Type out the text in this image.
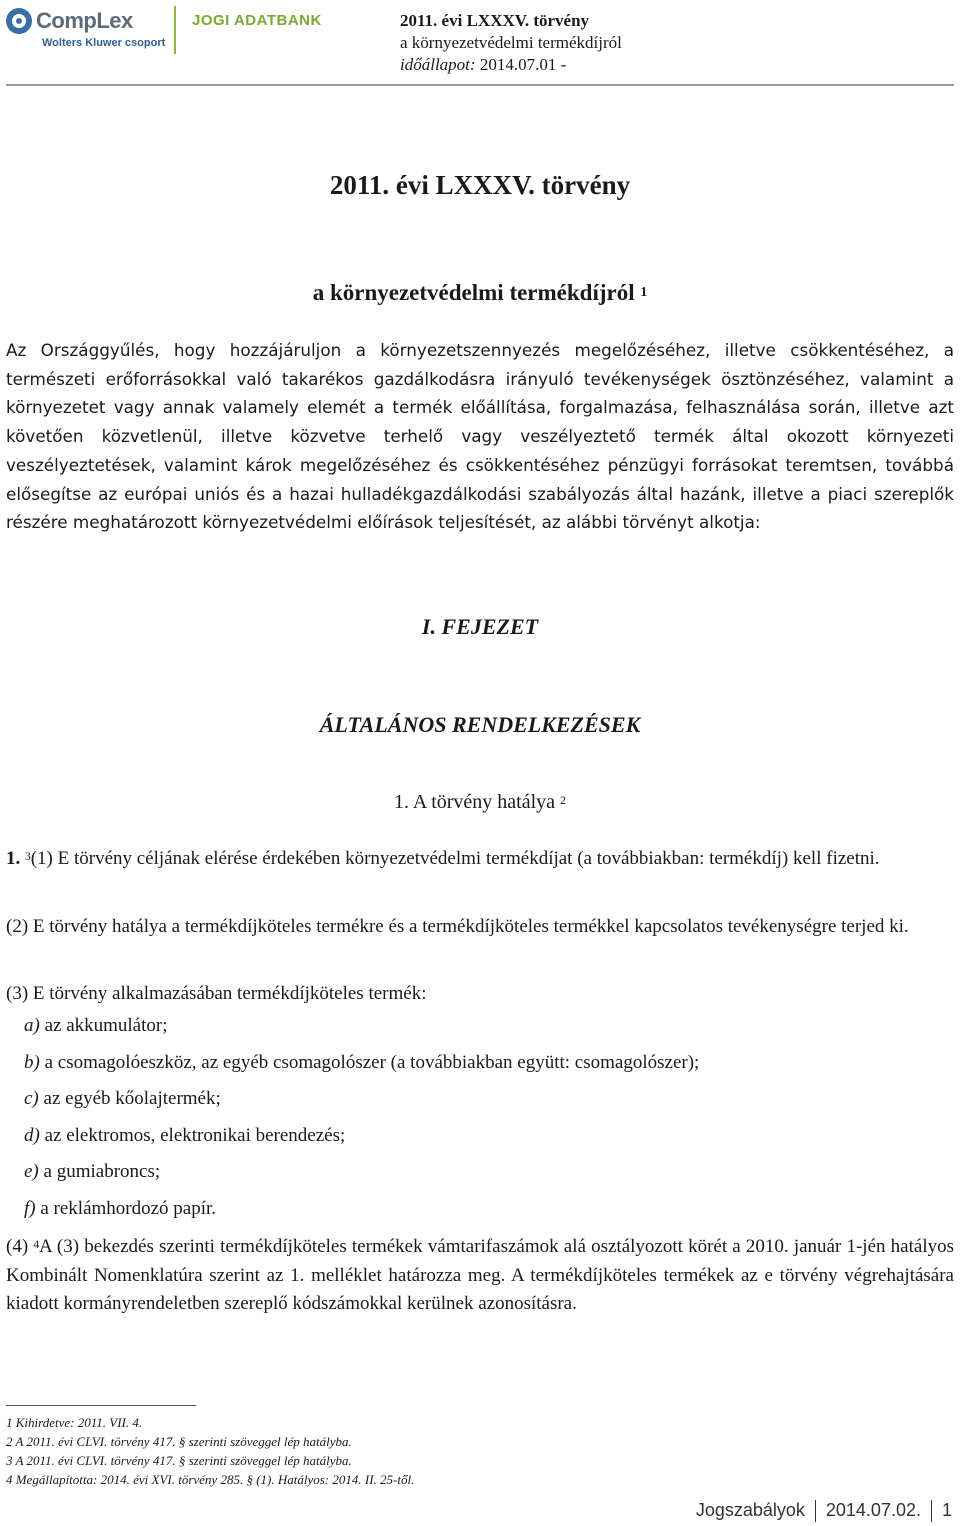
CompLex
Wolters Kluwer csoport
JOGI ADATBANK	2011. évi LXXXV. törvény
a környezetvédelmi termékdíjról
időállapot: 2014.07.01 -
2011. évi LXXXV. törvény
a környezetvédelmi termékdíjról $^1$
Az Országgyűlés, hogy hozzájáruljon a környezetszennyezés megelőzéséhez, illetve csökkentéséhez, a természeti erőforrásokkal való takarékos gazdálkodásra irányuló tevékenységek ösztönzéséhez, valamint a környezetet vagy annak valamely elemét a termék előállítása, forgalmazása, felhasználása során, illetve azt követően közvetlenül, illetve közvetve terhelő vagy veszélyeztető termék által okozott környezeti veszélyeztetések, valamint károk megelőzéséhez és csökkentéséhez pénzügyi forrásokat teremtsen, továbbá elősegítse az európai uniós és a hazai hulladékgazdálkodási szabályozás által hazánk, illetve a piaci szereplők részére meghatározott környezetvédelmi előírások teljesítését, az alábbi törvényt alkotja:
I. FEJEZET
ÁLTALÁNOS RENDELKEZÉSEK
1. A törvény hatálya $^2$
1. $^3$(1) E törvény céljának elérése érdekében környezetvédelmi termékdíjat (a továbbiakban: termékdíj) kell fizetni.
(2) E törvény hatálya a termékdíjköteles termékre és a termékdíjköteles termékkel kapcsolatos tevékenységre terjed ki.
(3) E törvény alkalmazásában termékdíjköteles termék:
a) az akkumulátor;
b) a csomagolóeszköz, az egyéb csomagolószer (a továbbiakban együtt: csomagolószer);
c) az egyéb kőolajtermék;
d) az elektromos, elektronikai berendezés;
e) a gumiabroncs;
f) a reklámhordozó papír.
(4) $^4$A (3) bekezdés szerinti termékdíjköteles termékek vámtarifaszámok alá osztályozott körét a 2010. január 1-jén hatályos Kombinált Nomenklatúra szerint az 1. melléklet határozza meg. A termékdíjköteles termékek az e törvény végrehajtására kiadott kormányrendeletben szereplő kódszámokkal kerülnek azonosításra.
1 Kihirdetve: 2011. VII. 4.
2 A 2011. évi CLVI. törvény 417. § szerinti szöveggel lép hatályba.
3 A 2011. évi CLVI. törvény 417. § szerinti szöveggel lép hatályba.
4 Megállapította: 2014. évi XVI. törvény 285. § (1). Hatályos: 2014. II. 25-től.
Jogszabályok 2014.07.02. 1
